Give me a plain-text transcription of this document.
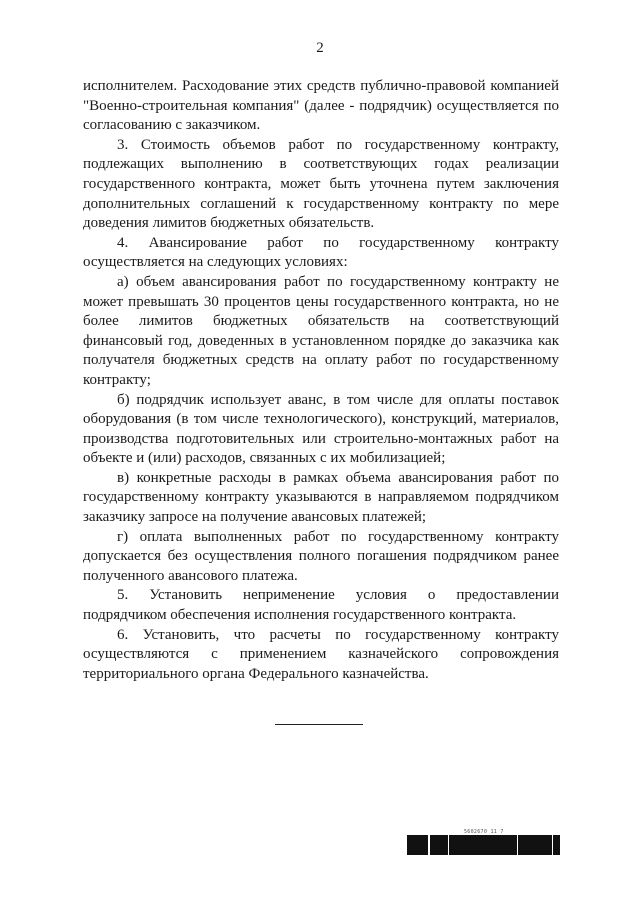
2

исполнителем. Расходование этих средств публично-правовой компанией "Военно-строительная компания" (далее - подрядчик) осуществляется по согласованию с заказчиком.

3. Стоимость объемов работ по государственному контракту, подлежащих выполнению в соответствующих годах реализации государственного контракта, может быть уточнена путем заключения дополнительных соглашений к государственному контракту по мере доведения лимитов бюджетных обязательств.

4. Авансирование работ по государственному контракту осуществляется на следующих условиях:

а) объем авансирования работ по государственному контракту не может превышать 30 процентов цены государственного контракта, но не более лимитов бюджетных обязательств на соответствующий финансовый год, доведенных в установленном порядке до заказчика как получателя бюджетных средств на оплату работ по государственному контракту;

б) подрядчик использует аванс, в том числе для оплаты поставок оборудования (в том числе технологического), конструкций, материалов, производства подготовительных или строительно-монтажных работ на объекте и (или) расходов, связанных с их мобилизацией;

в) конкретные расходы в рамках объема авансирования работ по государственному контракту указываются в направляемом подрядчиком заказчику запросе на получение авансовых платежей;

г) оплата выполненных работ по государственному контракту допускается без осуществления полного погашения подрядчиком ранее полученного авансового платежа.

5. Установить неприменение условия о предоставлении подрядчиком обеспечения исполнения государственного контракта.

6. Установить, что расчеты по государственному контракту осуществляются с применением казначейского сопровождения территориального органа Федерального казначейства.

5602670 11 7
